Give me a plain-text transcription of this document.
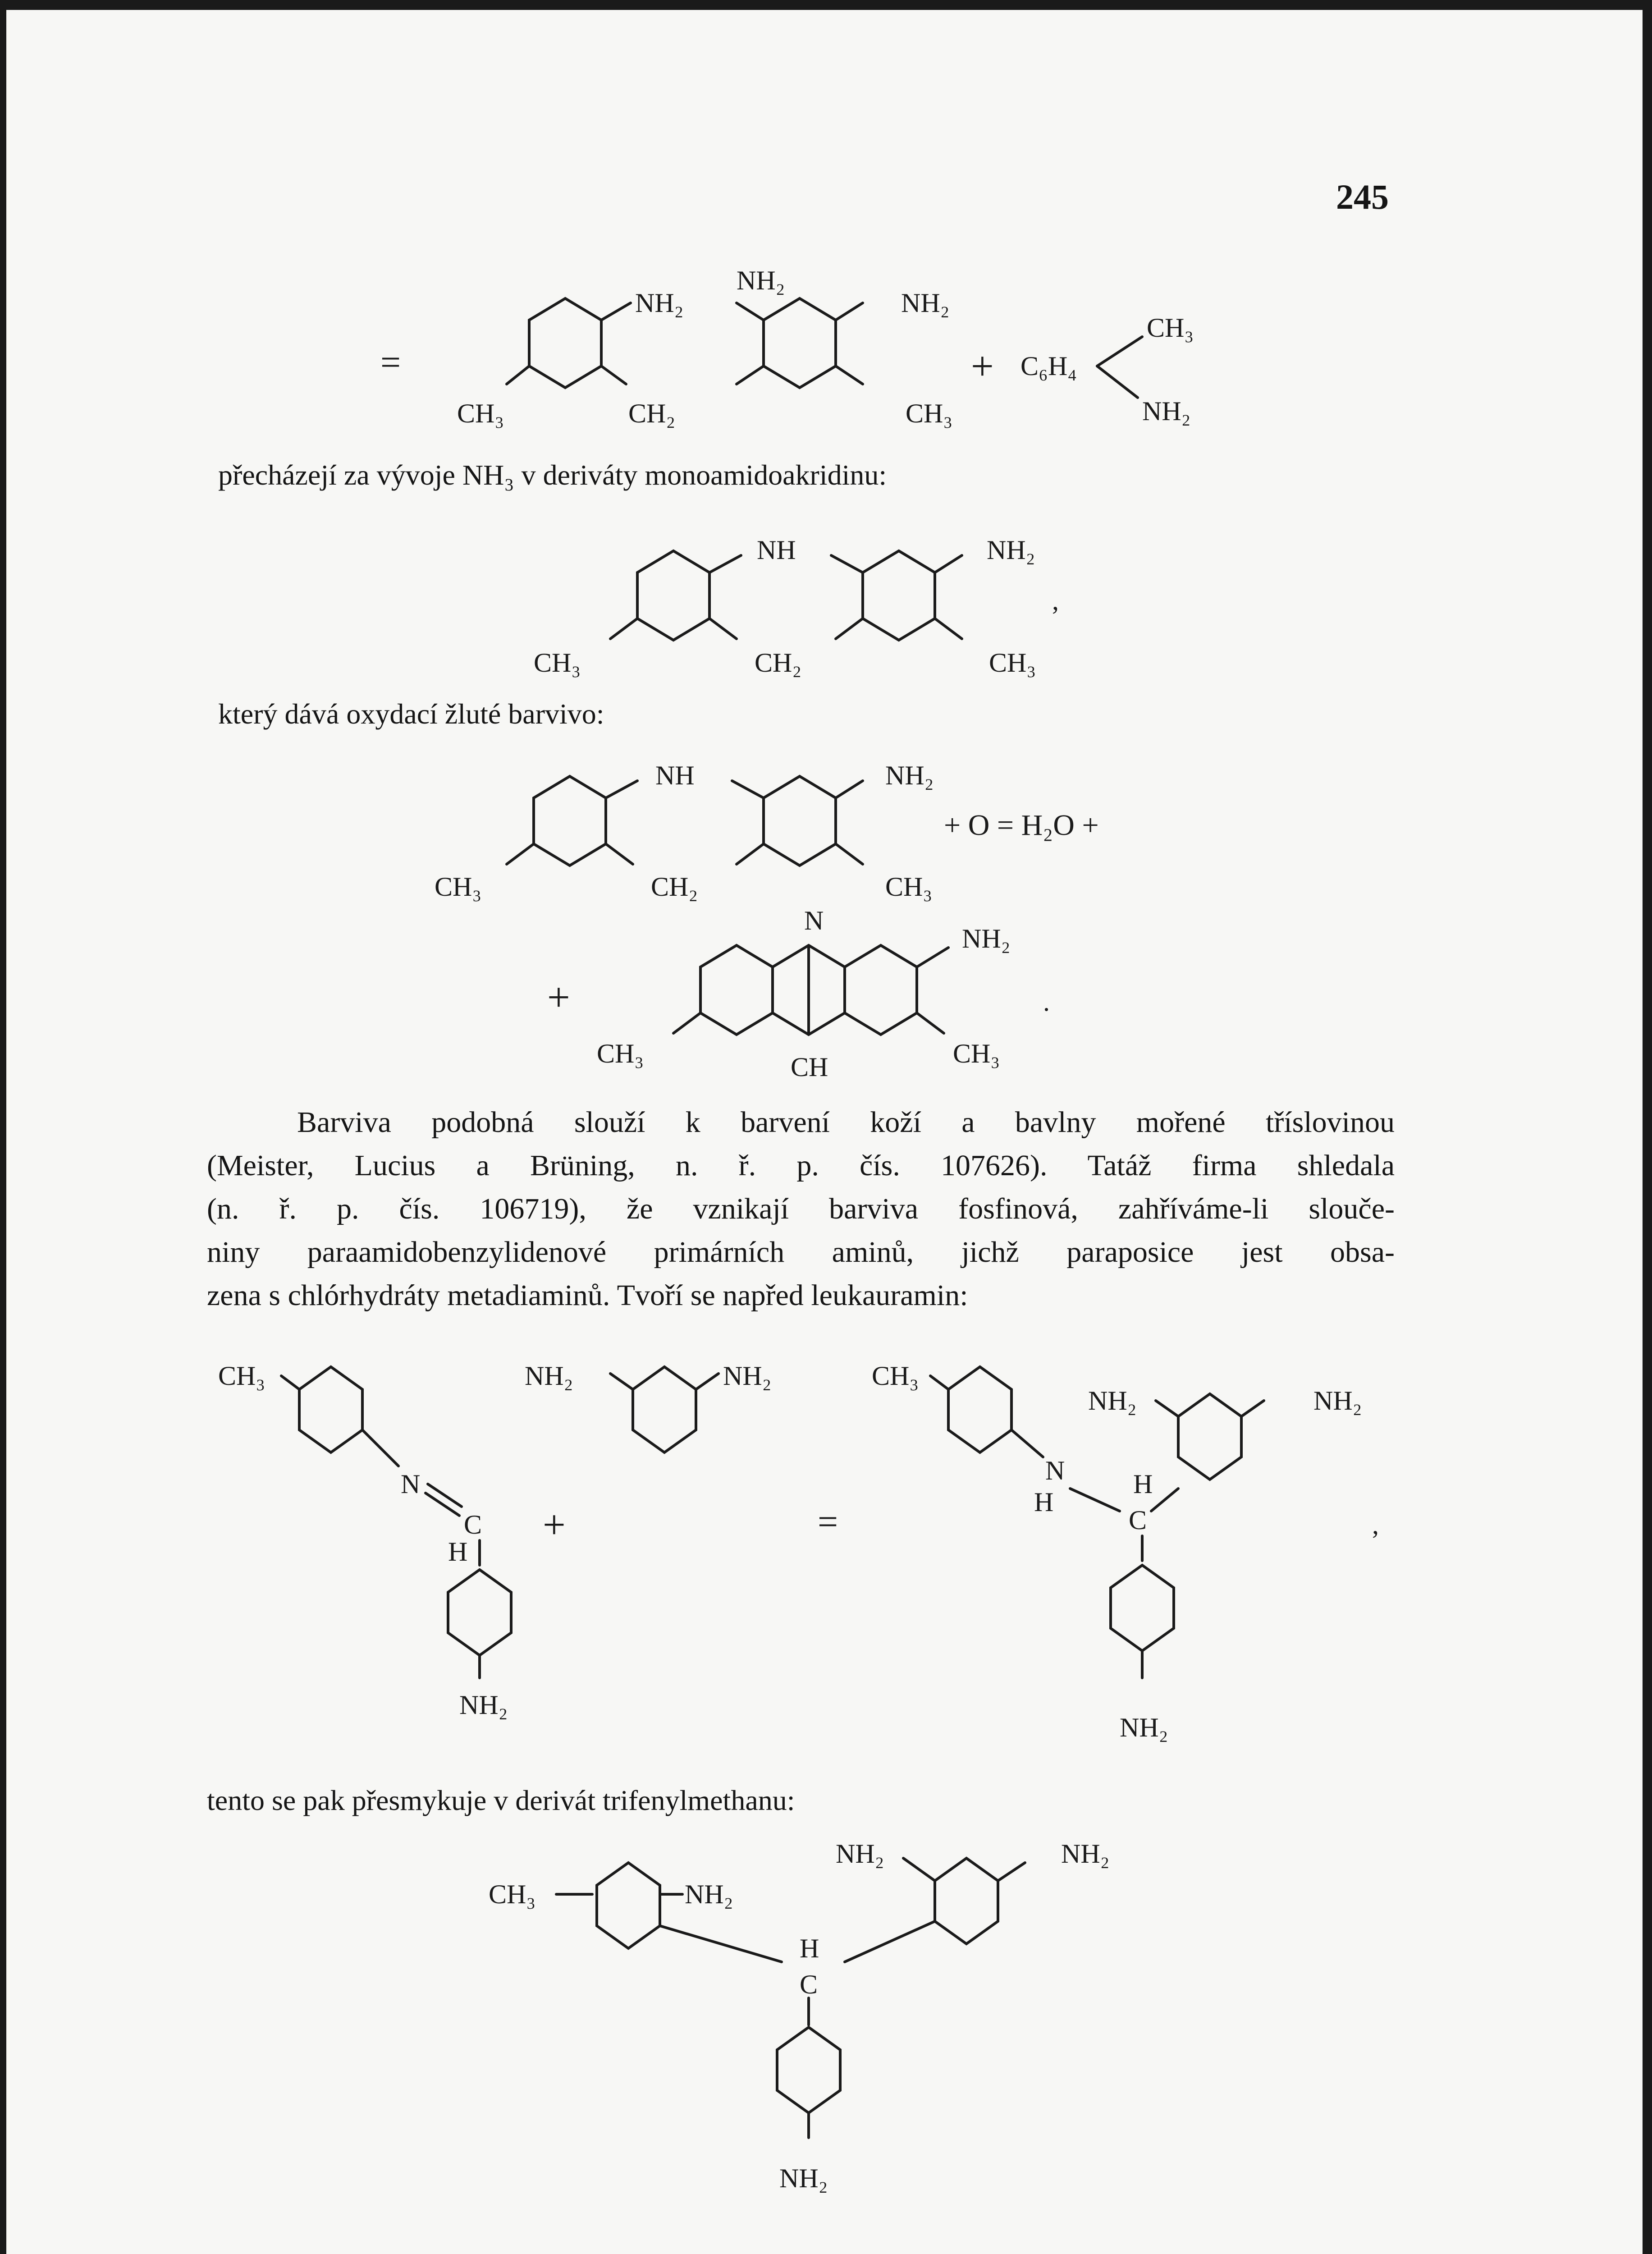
245
=
NH₂
CH₃	CH₂
NH₂
NH₂
CH₃
+ C₆H₄
CH₃
NH₂
NH
CH₃	CH₂
NH₂
CH₃
,
NH
CH₃	CH₂
NH₂
CH₃
+ O = H₂O +
+
N
NH₂
CH₃	CH	CH₃
.
CH₃
N
C
H
NH₂
+
NH₂	NH₂
=
CH₃
N
H
H
C
NH₂	NH₂
NH₂
,
CH₃	NH₂
NH₂	NH₂
H
C
NH₂
přecházejí za vývoje NH₃ v deriváty monoamidoakridinu:
který dává oxydací žluté barvivo:
Barviva podobná slouží k barvení koží a bavlny mořené tříslovinou
(Meister, Lucius a Brüning, n. ř. p. čís. 107626). Tatáž firma shledala
(n. ř. p. čís. 106719), že vznikají barviva fosfinová, zahříváme-li slouče-
niny paraamidobenzylidenové primárních aminů, jichž paraposice jest obsa-
zena s chlórhydráty metadiaminů. Tvoří se napřed leukauramin:
tento se pak přesmykuje v derivát trifenylmethanu:
